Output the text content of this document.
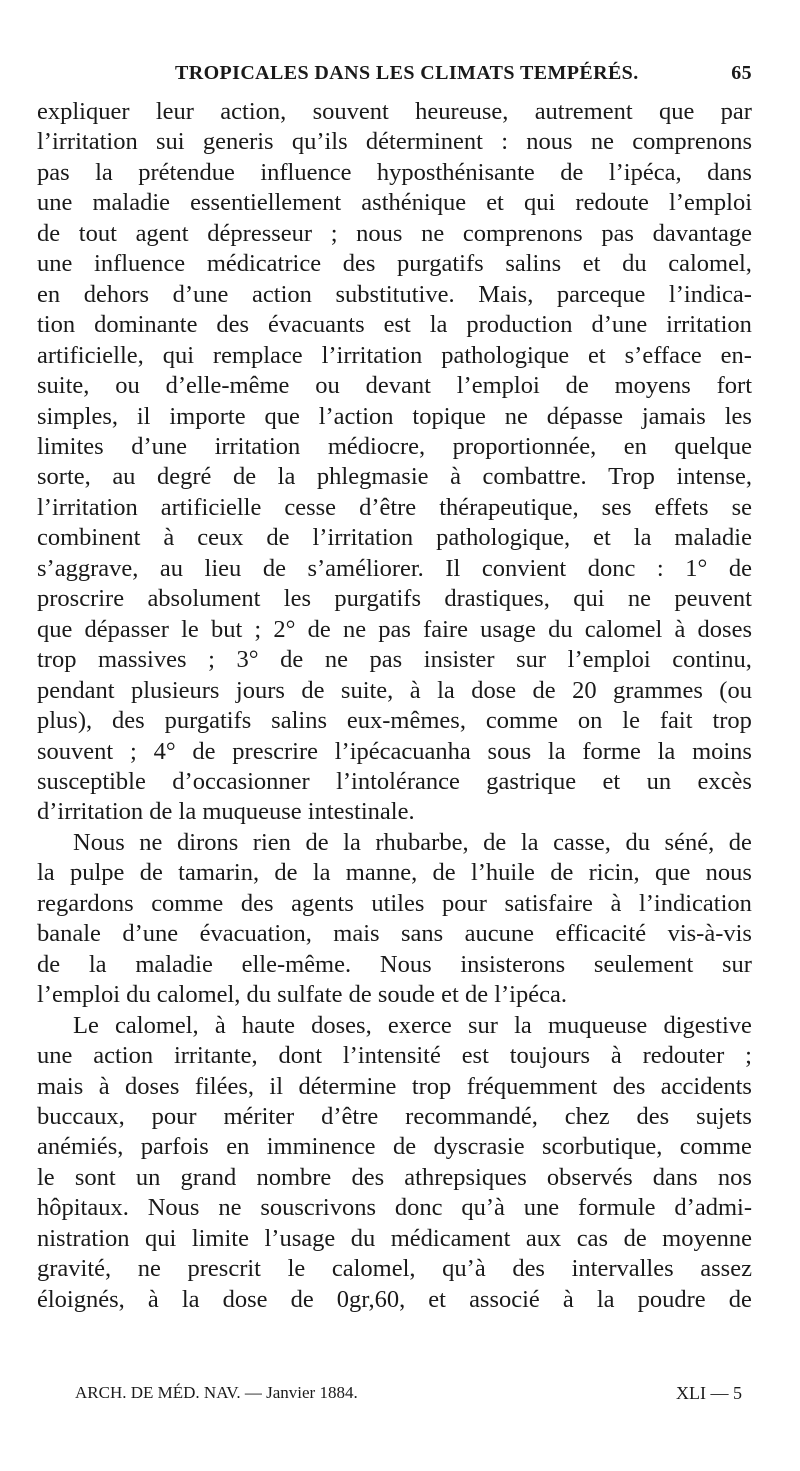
TROPICALES DANS LES CLIMATS TEMPÉRÉS.	65
expliquer leur action, souvent heureuse, autrement que par
l’irritation sui generis qu’ils déterminent : nous ne comprenons
pas la prétendue influence hyposthénisante de l’ipéca, dans
une maladie essentiellement asthénique et qui redoute l’emploi
de tout agent dépresseur ; nous ne comprenons pas davantage
une influence médicatrice des purgatifs salins et du calomel,
en dehors d’une action substitutive. Mais, parceque l’indica-
tion dominante des évacuants est la production d’une irritation
artificielle, qui remplace l’irritation pathologique et s’efface en-
suite, ou d’elle-même ou devant l’emploi de moyens fort
simples, il importe que l’action topique ne dépasse jamais les
limites d’une irritation médiocre, proportionnée, en quelque
sorte, au degré de la phlegmasie à combattre. Trop intense,
l’irritation artificielle cesse d’être thérapeutique, ses effets se
combinent à ceux de l’irritation pathologique, et la maladie
s’aggrave, au lieu de s’améliorer. Il convient donc : 1° de
proscrire absolument les purgatifs drastiques, qui ne peuvent
que dépasser le but ; 2° de ne pas faire usage du calomel à doses
trop massives ; 3° de ne pas insister sur l’emploi continu,
pendant plusieurs jours de suite, à la dose de 20 grammes (ou
plus), des purgatifs salins eux-mêmes, comme on le fait trop
souvent ; 4° de prescrire l’ipécacuanha sous la forme la moins
susceptible d’occasionner l’intolérance gastrique et un excès
d’irritation de la muqueuse intestinale.
Nous ne dirons rien de la rhubarbe, de la casse, du séné, de
la pulpe de tamarin, de la manne, de l’huile de ricin, que nous
regardons comme des agents utiles pour satisfaire à l’indication
banale d’une évacuation, mais sans aucune efficacité vis-à-vis
de la maladie elle-même. Nous insisterons seulement sur
l’emploi du calomel, du sulfate de soude et de l’ipéca.
Le calomel, à haute doses, exerce sur la muqueuse digestive
une action irritante, dont l’intensité est toujours à redouter ;
mais à doses filées, il détermine trop fréquemment des accidents
buccaux, pour mériter d’être recommandé, chez des sujets
anémiés, parfois en imminence de dyscrasie scorbutique, comme
le sont un grand nombre des athrepsiques observés dans nos
hôpitaux. Nous ne souscrivons donc qu’à une formule d’admi-
nistration qui limite l’usage du médicament aux cas de moyenne
gravité, ne prescrit le calomel, qu’à des intervalles assez
éloignés, à la dose de 0gr,60, et associé à la poudre de
ARCH. DE MÉD. NAV. — Janvier 1884.	XLI — 5
